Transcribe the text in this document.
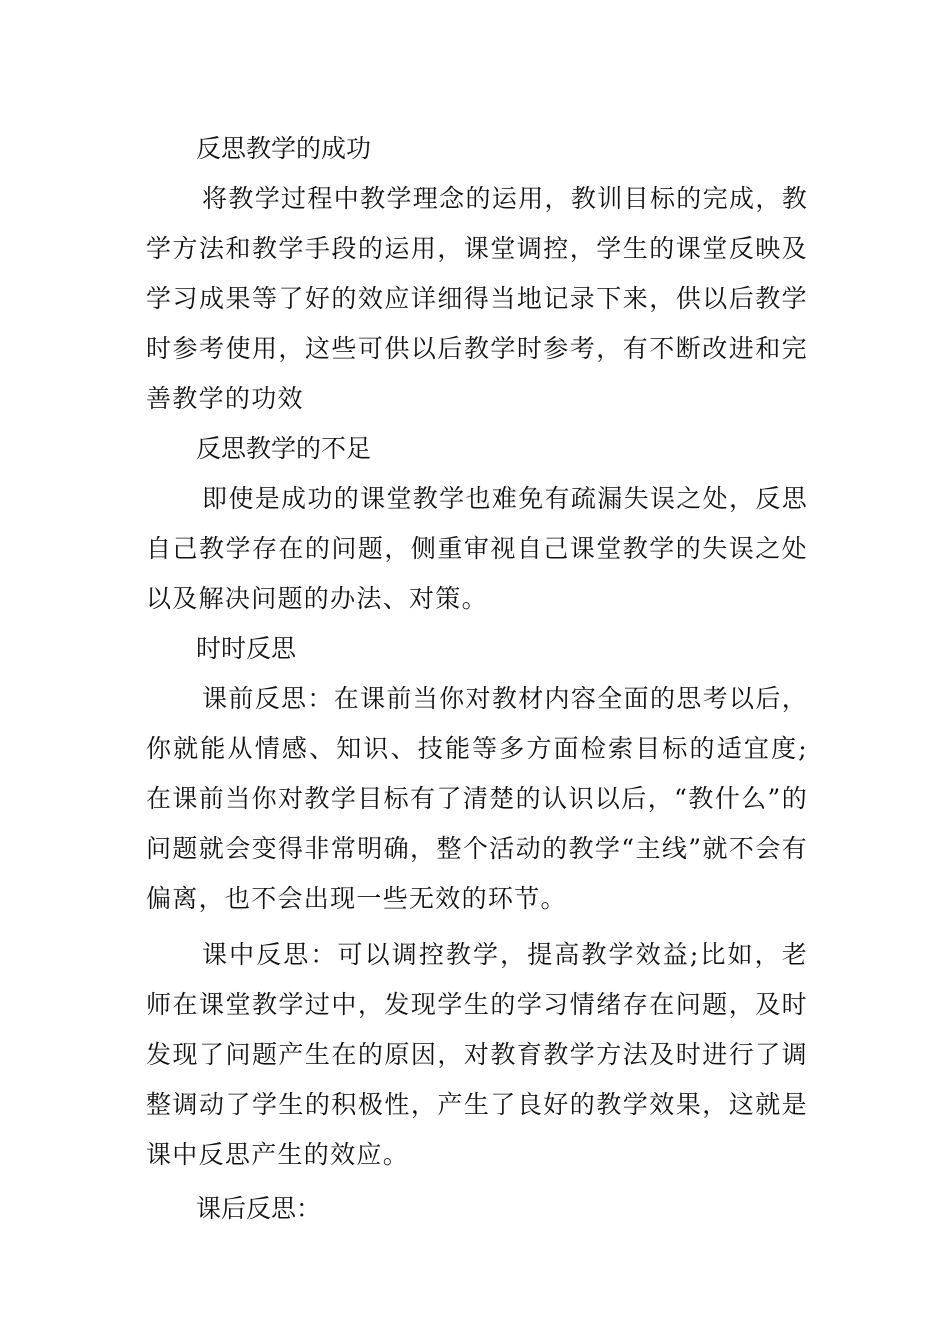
反思教学的成功

将教学过程中教学理念的运用，教训目标的完成，教学方法和教学手段的运用，课堂调控，学生的课堂反映及学习成果等了好的效应详细得当地记录下来，供以后教学时参考使用，这些可供以后教学时参考，有不断改进和完善教学的功效

反思教学的不足

即使是成功的课堂教学也难免有疏漏失误之处，反思自己教学存在的问题，侧重审视自己课堂教学的失误之处以及解决问题的办法、对策。

时时反思

课前反思：在课前当你对教材内容全面的思考以后，你就能从情感、知识、技能等多方面检索目标的适宜度;在课前当你对教学目标有了清楚的认识以后，“教什么”的问题就会变得非常明确，整个活动的教学“主线”就不会有偏离，也不会出现一些无效的环节。

课中反思：可以调控教学，提高教学效益;比如，老师在课堂教学过中，发现学生的学习情绪存在问题，及时发现了问题产生在的原因，对教育教学方法及时进行了调整调动了学生的积极性，产生了良好的教学效果，这就是课中反思产生的效应。

课后反思：
